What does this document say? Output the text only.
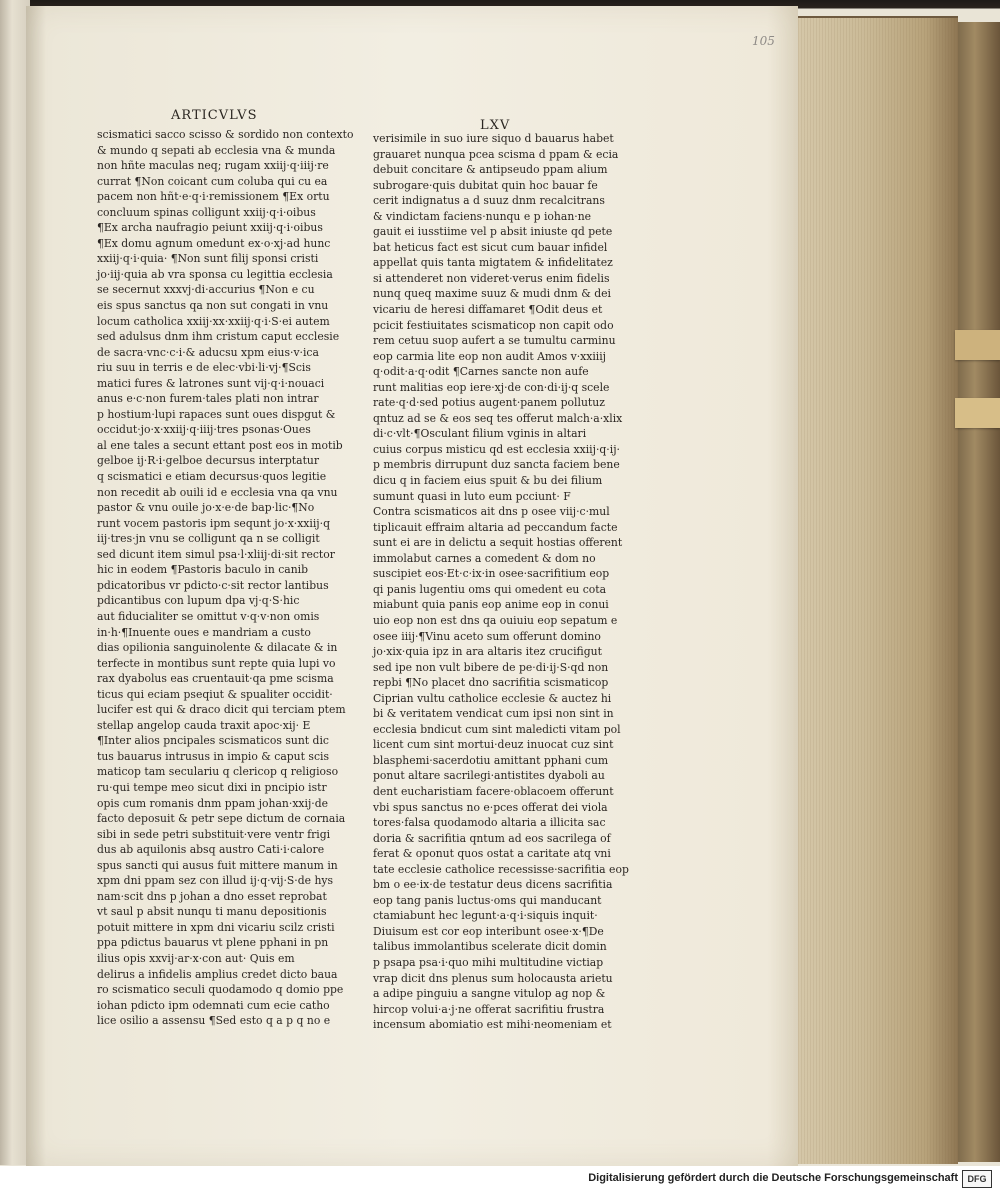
105
ARTICVLVS
LXV
scismatici sacco scisso & sordido non contexto
& mundo q sepati ab ecclesia vna & munda
non hñte maculas neq; rugam xxiij·q·iiij·re
currat ¶Non coicant cum coluba qui cu ea
pacem non hñt·e·q·i·remissionem ¶Ex ortu
concluum spinas colligunt xxiij·q·i·oibus
¶Ex archa naufragio peiunt xxiij·q·i·oibus
¶Ex domu agnum omedunt ex·o·xj·ad hunc
xxiij·q·i·quia· ¶Non sunt filij sponsi cristi
jo·iij·quia ab vra sponsa cu legittia ecclesia
se secernut xxxvj·di·accurius ¶Non e cu
eis spus sanctus qa non sut congati in vnu
locum catholica xxiij·xx·xxiij·q·i·S·ei autem
sed adulsus dnm ihm cristum caput ecclesie
de sacra·vnc·c·i·& aducsu xpm eius·v·ica
riu suu in terris e de elec·vbi·li·vj·¶Scis
matici fures & latrones sunt vij·q·i·nouaci
anus e·c·non furem·tales plati non intrar
p hostium·lupi rapaces sunt oues dispgut &
occidut·jo·x·xxiij·q·iiij·tres psonas·Oues
al ene tales a secunt ettant post eos in motib
gelboe ij·R·i·gelboe decursus interptatur
q scismatici e etiam decursus·quos legitie
non recedit ab ouili id e ecclesia vna qa vnu
pastor & vnu ouile jo·x·e·de bap·lic·¶No
runt vocem pastoris ipm sequnt jo·x·xxiij·q
iij·tres·jn vnu se colligunt qa n se colligit
sed dicunt item simul psa·l·xliij·di·sit rector
hic in eodem ¶Pastoris baculo in canib
pdicatoribus vr pdicto·c·sit rector lantibus
pdicantibus con lupum dpa vj·q·S·hic
aut fiducialiter se omittut v·q·v·non omis
in·h·¶Inuente oues e mandriam a custo
dias opilionia sanguinolente & dilacate & in
terfecte in montibus sunt repte quia lupi vo
rax dyabolus eas cruentauit·qa pme scisma
ticus qui eciam pseqiut & spualiter occidit·
lucifer est qui & draco dicit qui terciam ptem
stellap angelop cauda traxit apoc·xij· E
¶Inter alios pncipales scismaticos sunt dic
tus bauarus intrusus in impio & caput scis
maticop tam seculariu q clericop q religioso
ru·qui tempe meo sicut dixi in pncipio istr
opis cum romanis dnm ppam johan·xxij·de
facto deposuit & petr sepe dictum de cornaia
sibi in sede petri substituit·vere ventr frigi
dus ab aquilonis absq austro Cati·i·calore
spus sancti qui ausus fuit mittere manum in
xpm dni ppam sez con illud ij·q·vij·S·de hys
nam·scit dns p johan a dno esset reprobat
vt saul p absit nunqu ti manu depositionis
potuit mittere in xpm dni vicariu scilz cristi
ppa pdictus bauarus vt plene pphani in pn
ilius opis xxvij·ar·x·con aut· Quis em
delirus a infidelis amplius credet dicto baua
ro scismatico seculi quodamodo q domio ppe
iohan pdicto ipm odemnati cum ecie catho
lice osilio a assensu ¶Sed esto q a p q no e
verisimile in suo iure siquo d bauarus habet
grauaret nunqua pcea scisma d ppam & ecia
debuit concitare & antipseudo ppam alium
subrogare·quis dubitat quin hoc bauar fe
cerit indignatus a d suuz dnm recalcitrans
& vindictam faciens·nunqu e p iohan·ne
gauit ei iusstiime vel p absit iniuste qd pete
bat heticus fact est sicut cum bauar infidel
appellat quis tanta migtatem & infidelitatez
si attenderet non videret·verus enim fidelis
nunq queq maxime suuz & mudi dnm & dei
vicariu de heresi diffamaret ¶Odit deus et
pcicit festiuitates scismaticop non capit odo
rem cetuu suop aufert a se tumultu carminu
eop carmia lite eop non audit Amos v·xxiiij
q·odit·a·q·odit ¶Carnes sancte non aufe
runt malitias eop iere·xj·de con·di·ij·q scele
rate·q·d·sed potius augent·panem pollutuz
qntuz ad se & eos seq tes offerut malch·a·xlix
di·c·vlt·¶Osculant filium vginis in altari
cuius corpus misticu qd est ecclesia xxiij·q·ij·
p membris dirrupunt duz sancta faciem bene
dicu q in faciem eius spuit & bu dei filium
sumunt quasi in luto eum pcciunt· F
Contra scismaticos ait dns p osee viij·c·mul
tiplicauit effraim altaria ad peccandum facte
sunt ei are in delictu a sequit hostias offerent
immolabut carnes a comedent & dom no
suscipiet eos·Et·c·ix·in osee·sacrifitium eop
qi panis lugentiu oms qui omedent eu cota
miabunt quia panis eop anime eop in conui
uio eop non est dns qa ouiuiu eop sepatum e
osee iiij·¶Vinu aceto sum offerunt domino
jo·xix·quia ipz in ara altaris itez crucifigut
sed ipe non vult bibere de pe·di·ij·S·qd non
repbi ¶No placet dno sacrifitia scismaticop
Ciprian vultu catholice ecclesie & auctez hi
bi & veritatem vendicat cum ipsi non sint in
ecclesia bndicut cum sint maledicti vitam pol
licent cum sint mortui·deuz inuocat cuz sint
blasphemi·sacerdotiu amittant pphani cum
ponut altare sacrilegi·antistites dyaboli au
dent eucharistiam facere·oblacoem offerunt
vbi spus sanctus no e·pces offerat dei viola
tores·falsa quodamodo altaria a illicita sac
doria & sacrifitia qntum ad eos sacrilega of
ferat & oponut quos ostat a caritate atq vni
tate ecclesie catholice recessisse·sacrifitia eop
bm o ee·ix·de testatur deus dicens sacrifitia
eop tang panis luctus·oms qui manducant
ctamiabunt hec legunt·a·q·i·siquis inquit·
Diuisum est cor eop interibunt osee·x·¶De
talibus immolantibus scelerate dicit domin
p psapa psa·i·quo mihi multitudine victiap
vrap dicit dns plenus sum holocausta arietu
a adipe pinguiu a sangne vitulop ag nop &
hircop volui·a·j·ne offerat sacrifitiu frustra
incensum abomiatio est mihi·neomeniam et
Digitalisierung gefördert durch die Deutsche Forschungsgemeinschaft	DFG
